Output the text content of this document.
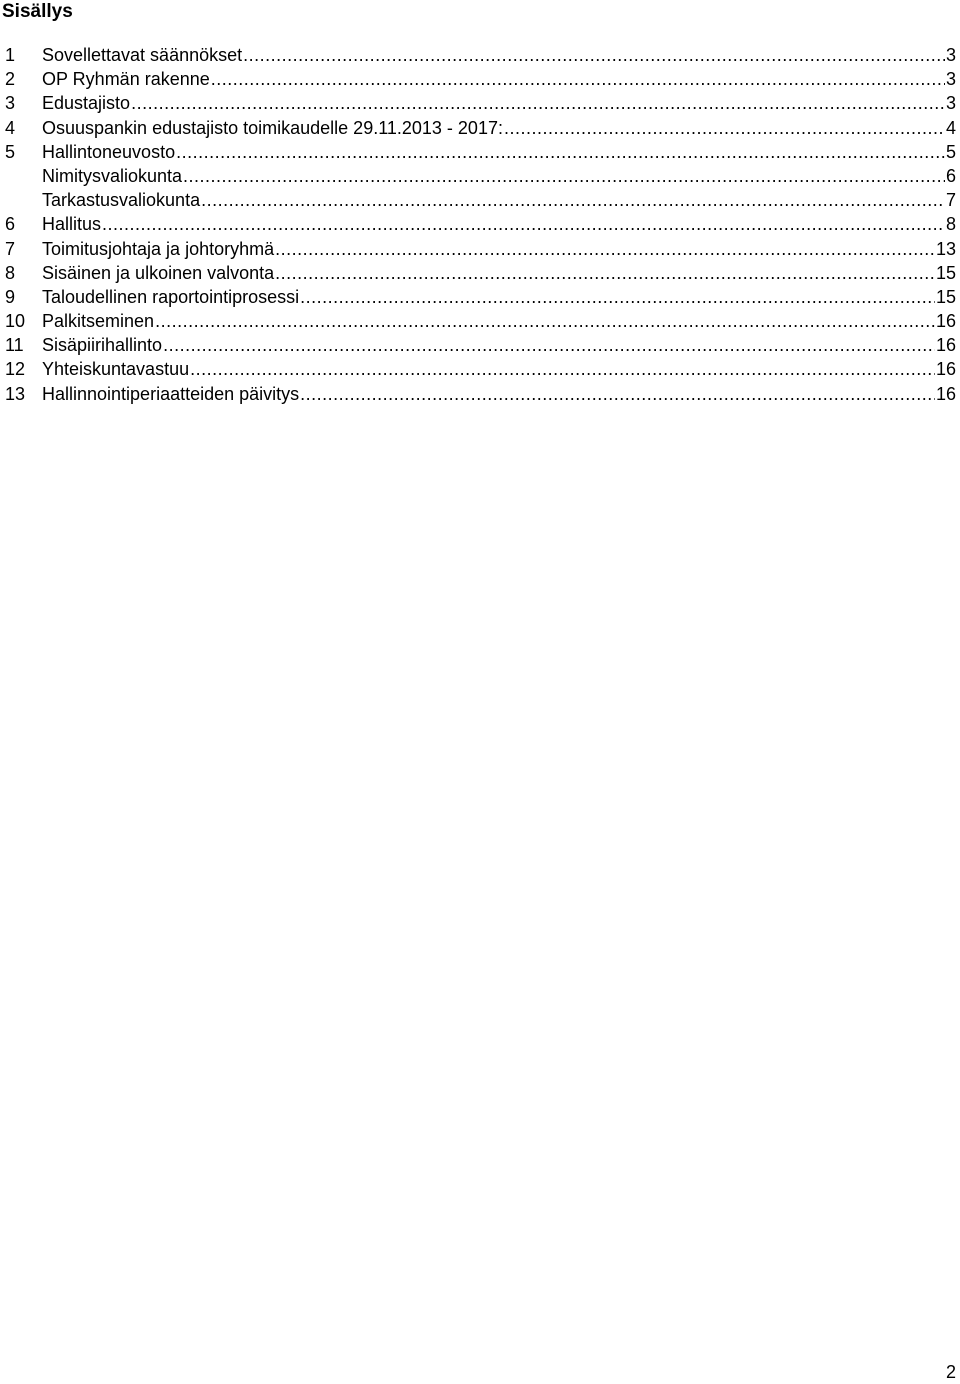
Sisällys
1 Sovellettavat säännökset .....	3
2 OP Ryhmän rakenne .....	3
3 Edustajisto .....	3
4 Osuuspankin edustajisto toimikaudelle 29.11.2013 - 2017: .....	4
5 Hallintoneuvosto .....	5
Nimitysvaliokunta .....	6
Tarkastusvaliokunta .....	7
6 Hallitus .....	8
7 Toimitusjohtaja ja johtoryhmä .....	13
8 Sisäinen ja ulkoinen valvonta .....	15
9 Taloudellinen raportointiprosessi .....	15
10 Palkitseminen .....	16
11 Sisäpiirihallinto .....	16
12 Yhteiskuntavastuu .....	16
13 Hallinnointiperiaatteiden päivitys .....	16
2
